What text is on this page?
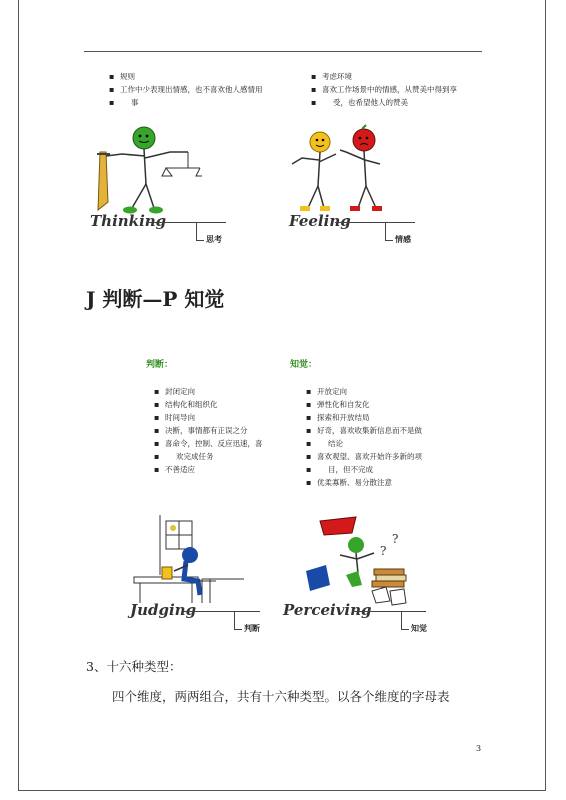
▪ 规则
▪ 工作中少表现出情感，也不喜欢他人感情用
▪ 事
▪ 考虑环境
▪ 喜欢工作场景中的情感，从赞美中得到享
▪ 受，也希望他人的赞美
Thinking
思考
Feeling
情感
J 判断—P 知觉
判断：	知觉：
▪ 封闭定向
▪ 结构化和组织化
▪ 时间导向
▪ 决断，事情都有正误之分
▪ 喜命令，控制、反应迅速，喜
▪ 欢完成任务
▪ 不善适应
▪ 开放定向
▪ 弹性化和自发化
▪ 探索和开放结局
▪ 好奇，喜欢收集新信息而不是做
▪ 结论
▪ 喜欢观望、喜欢开始许多新的项
▪ 目，但不完成
▪ 优柔寡断、易分散注意
Judging
判断
?
?
Perceiving
知觉
3、十六种类型：
四个维度，两两组合，共有十六种类型。以各个维度的字母表
3
